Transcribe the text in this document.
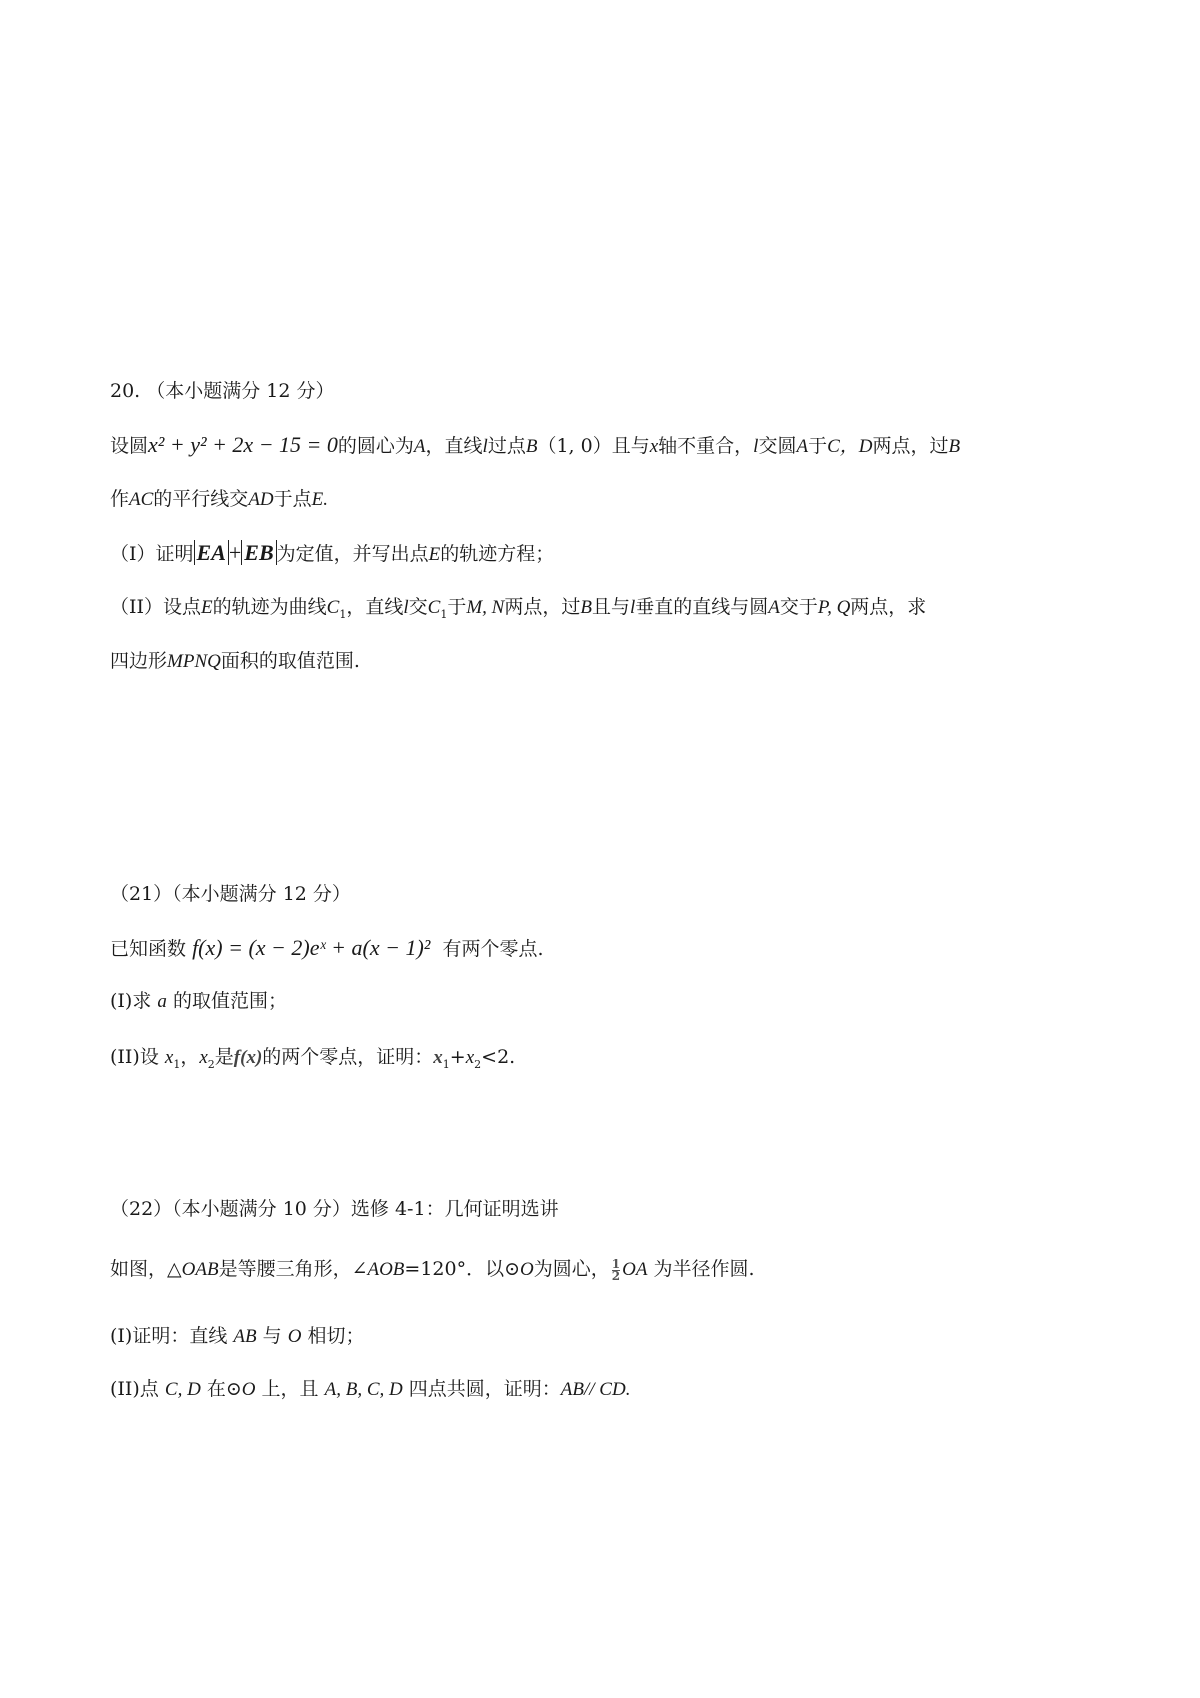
20. （本小题满分 12 分）
设圆x² + y² + 2x − 15 = 0的圆心为A，直线l过点B（1, 0）且与x轴不重合，l交圆A于C，D两点，过B
作AC的平行线交AD于点E.
（I）证明 EA + EB 为定值，并写出点E的轨迹方程；
（II）设点E的轨迹为曲线$C_1$，直线l交$C_1$于M, N两点，过B且与l垂直的直线与圆A交于P, Q两点，求
四边形MPNQ面积的取值范围.
（21）（本小题满分 12 分）
已知函数 f(x) = (x − 2)eˣ + a(x − 1)² 有两个零点.
(I)求 a 的取值范围；
(II)设 $x_1$，$x_2$是f(x)的两个零点，证明：$x_1+x_2<2$.
（22）（本小题满分 10 分）选修 4-1：几何证明选讲
如图，△OAB是等腰三角形，∠AOB=120°．以⊙O为圆心， $\frac{1}{2}$ OA 为半径作圆.
(I)证明：直线 AB 与 O 相切；
(II)点 C, D 在⊙O 上，且 A, B, C, D 四点共圆，证明：AB// CD.
